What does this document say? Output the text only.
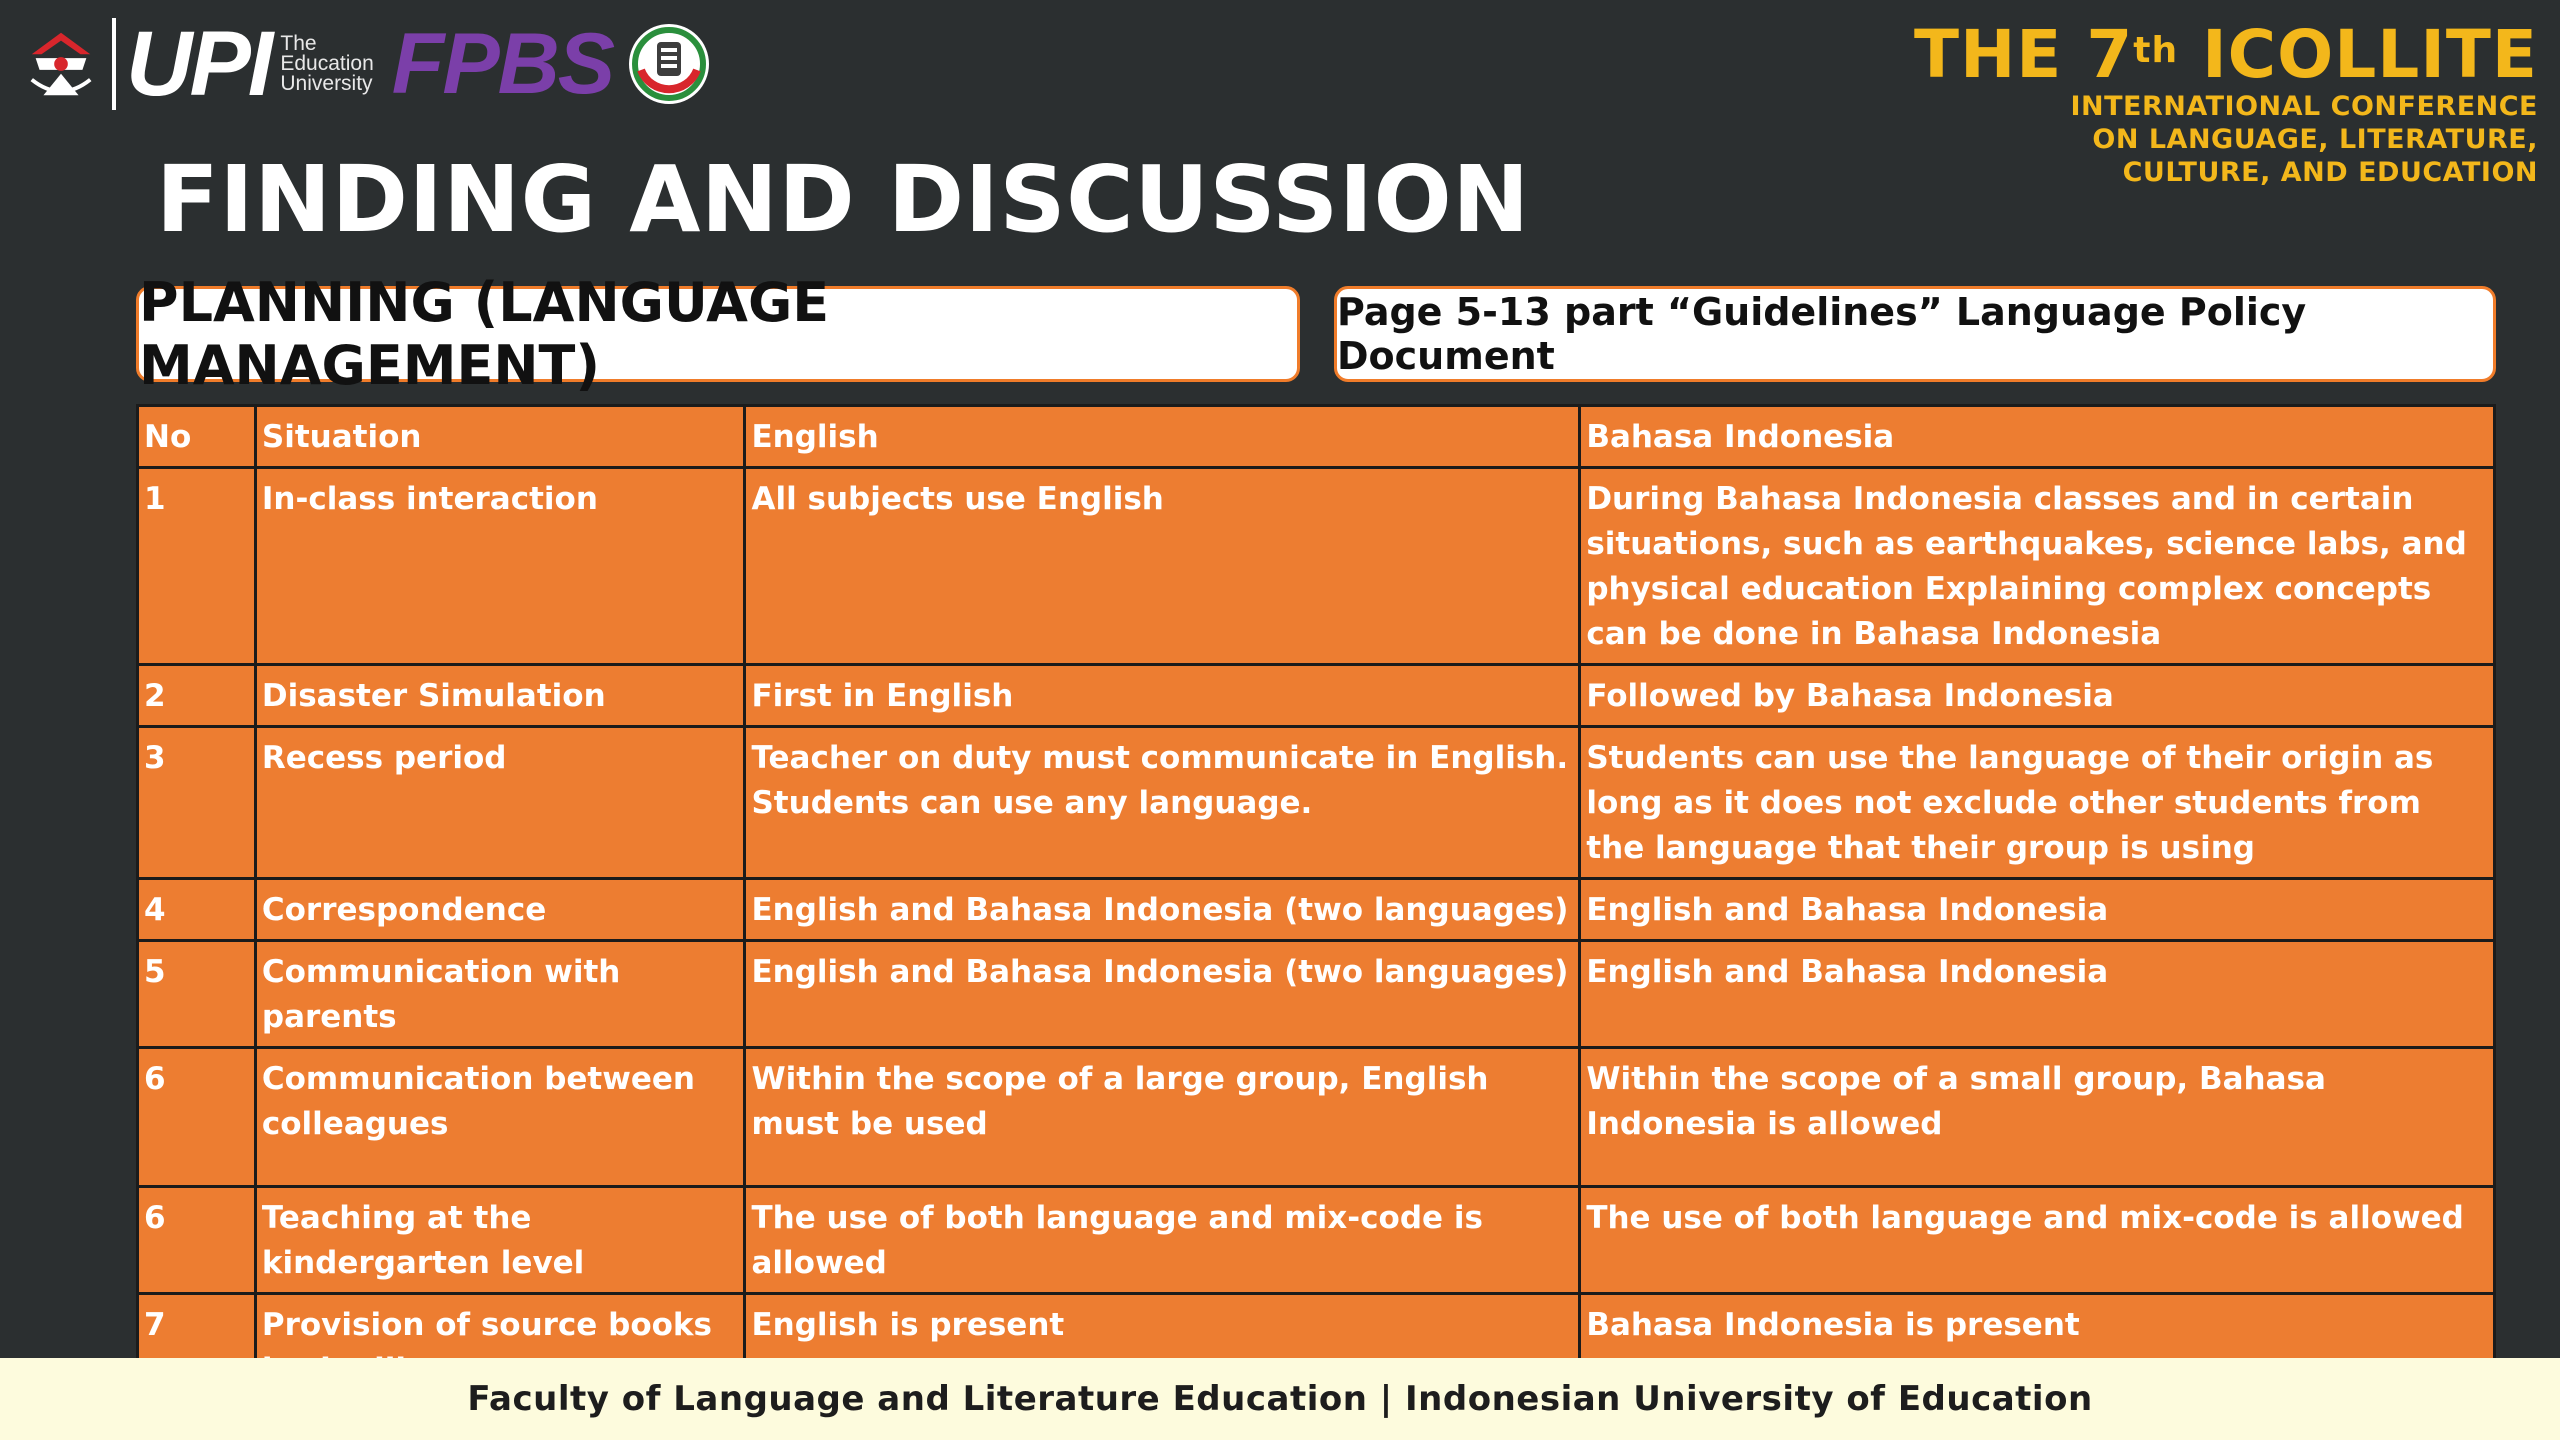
UPI The
Education
University FPBS	THE 7th ICOLLITE
INTERNATIONAL CONFERENCE
ON LANGUAGE, LITERATURE,
CULTURE, AND EDUCATION
FINDING AND DISCUSSION
PLANNING (LANGUAGE MANAGEMENT)
Page 5-13 part “Guidelines” Language Policy Document
No	Situation	English	Bahasa Indonesia
1	In-class interaction	All subjects use English	During Bahasa Indonesia classes and in certain situations, such as earthquakes, science labs, and physical education Explaining complex concepts can be done in Bahasa Indonesia
2	Disaster Simulation	First in English	Followed by Bahasa Indonesia
3	Recess period	Teacher on duty must communicate in English. Students can use any language.	Students can use the language of their origin as long as it does not exclude other students from the language that their group is using
4	Correspondence	English and Bahasa Indonesia (two languages)	English and Bahasa Indonesia
5	Communication with parents	English and Bahasa Indonesia (two languages)	English and Bahasa Indonesia
6	Communication between colleagues	Within the scope of a large group, English must be used	Within the scope of a small group, Bahasa Indonesia is allowed
6	Teaching at the kindergarten level	The use of both language and mix-code is allowed	The use of both language and mix-code is allowed
7	Provision of source books	English is present	Bahasa Indonesia is present
Faculty of Language and Literature Education | Indonesian University of Education
